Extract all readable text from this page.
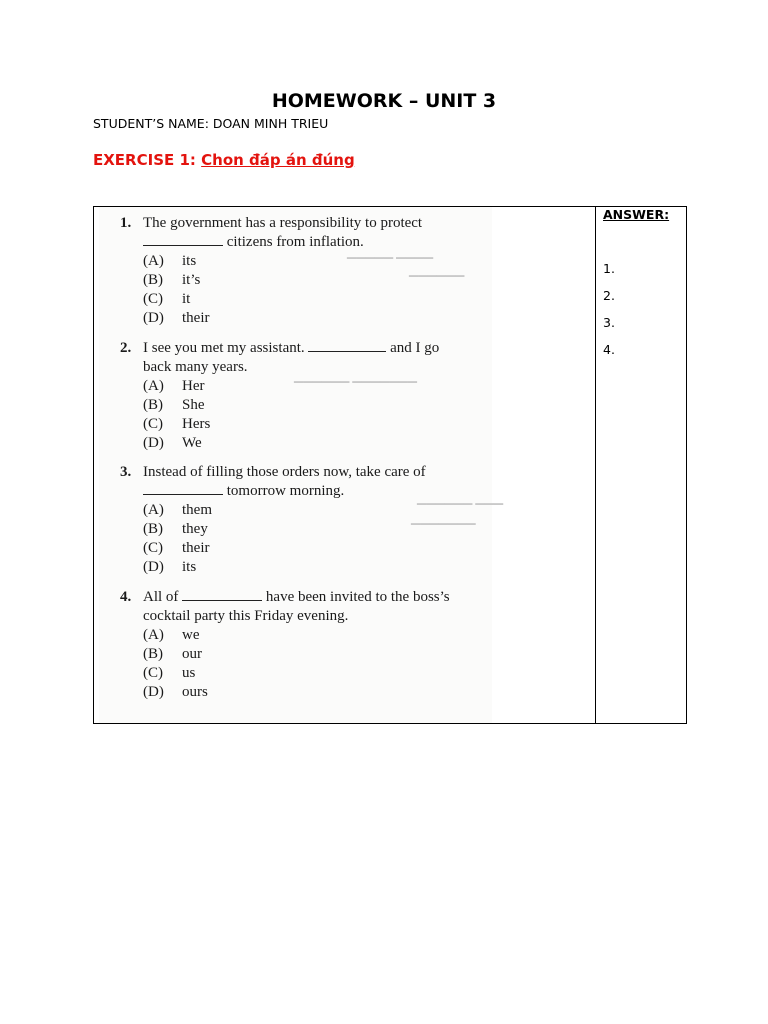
HOMEWORK – UNIT 3
STUDENT’S NAME: DOAN MINH TRIEU
EXERCISE 1: Chon đáp án đúng
▁▁▁▁▁ ▁▁▁▁
▁▁▁▁▁▁
▁▁▁▁▁▁ ▁▁▁▁▁▁▁
▁▁▁▁▁▁ ▁▁▁
▁▁▁▁▁▁▁
1. The government has a responsibility to protect
citizens from inflation.
(A) its
(B) it’s
(C) it
(D) their
2. I see you met my assistant.	and I go
back many years.
(A) Her
(B) She
(C) Hers
(D) We
3. Instead of filling those orders now, take care of
tomorrow morning.
(A) them
(B) they
(C) their
(D) its
4. All of	have been invited to the boss’s
cocktail party this Friday evening.
(A) we
(B) our
(C) us
(D) ours
ANSWER:
1.
2.
3.
4.
